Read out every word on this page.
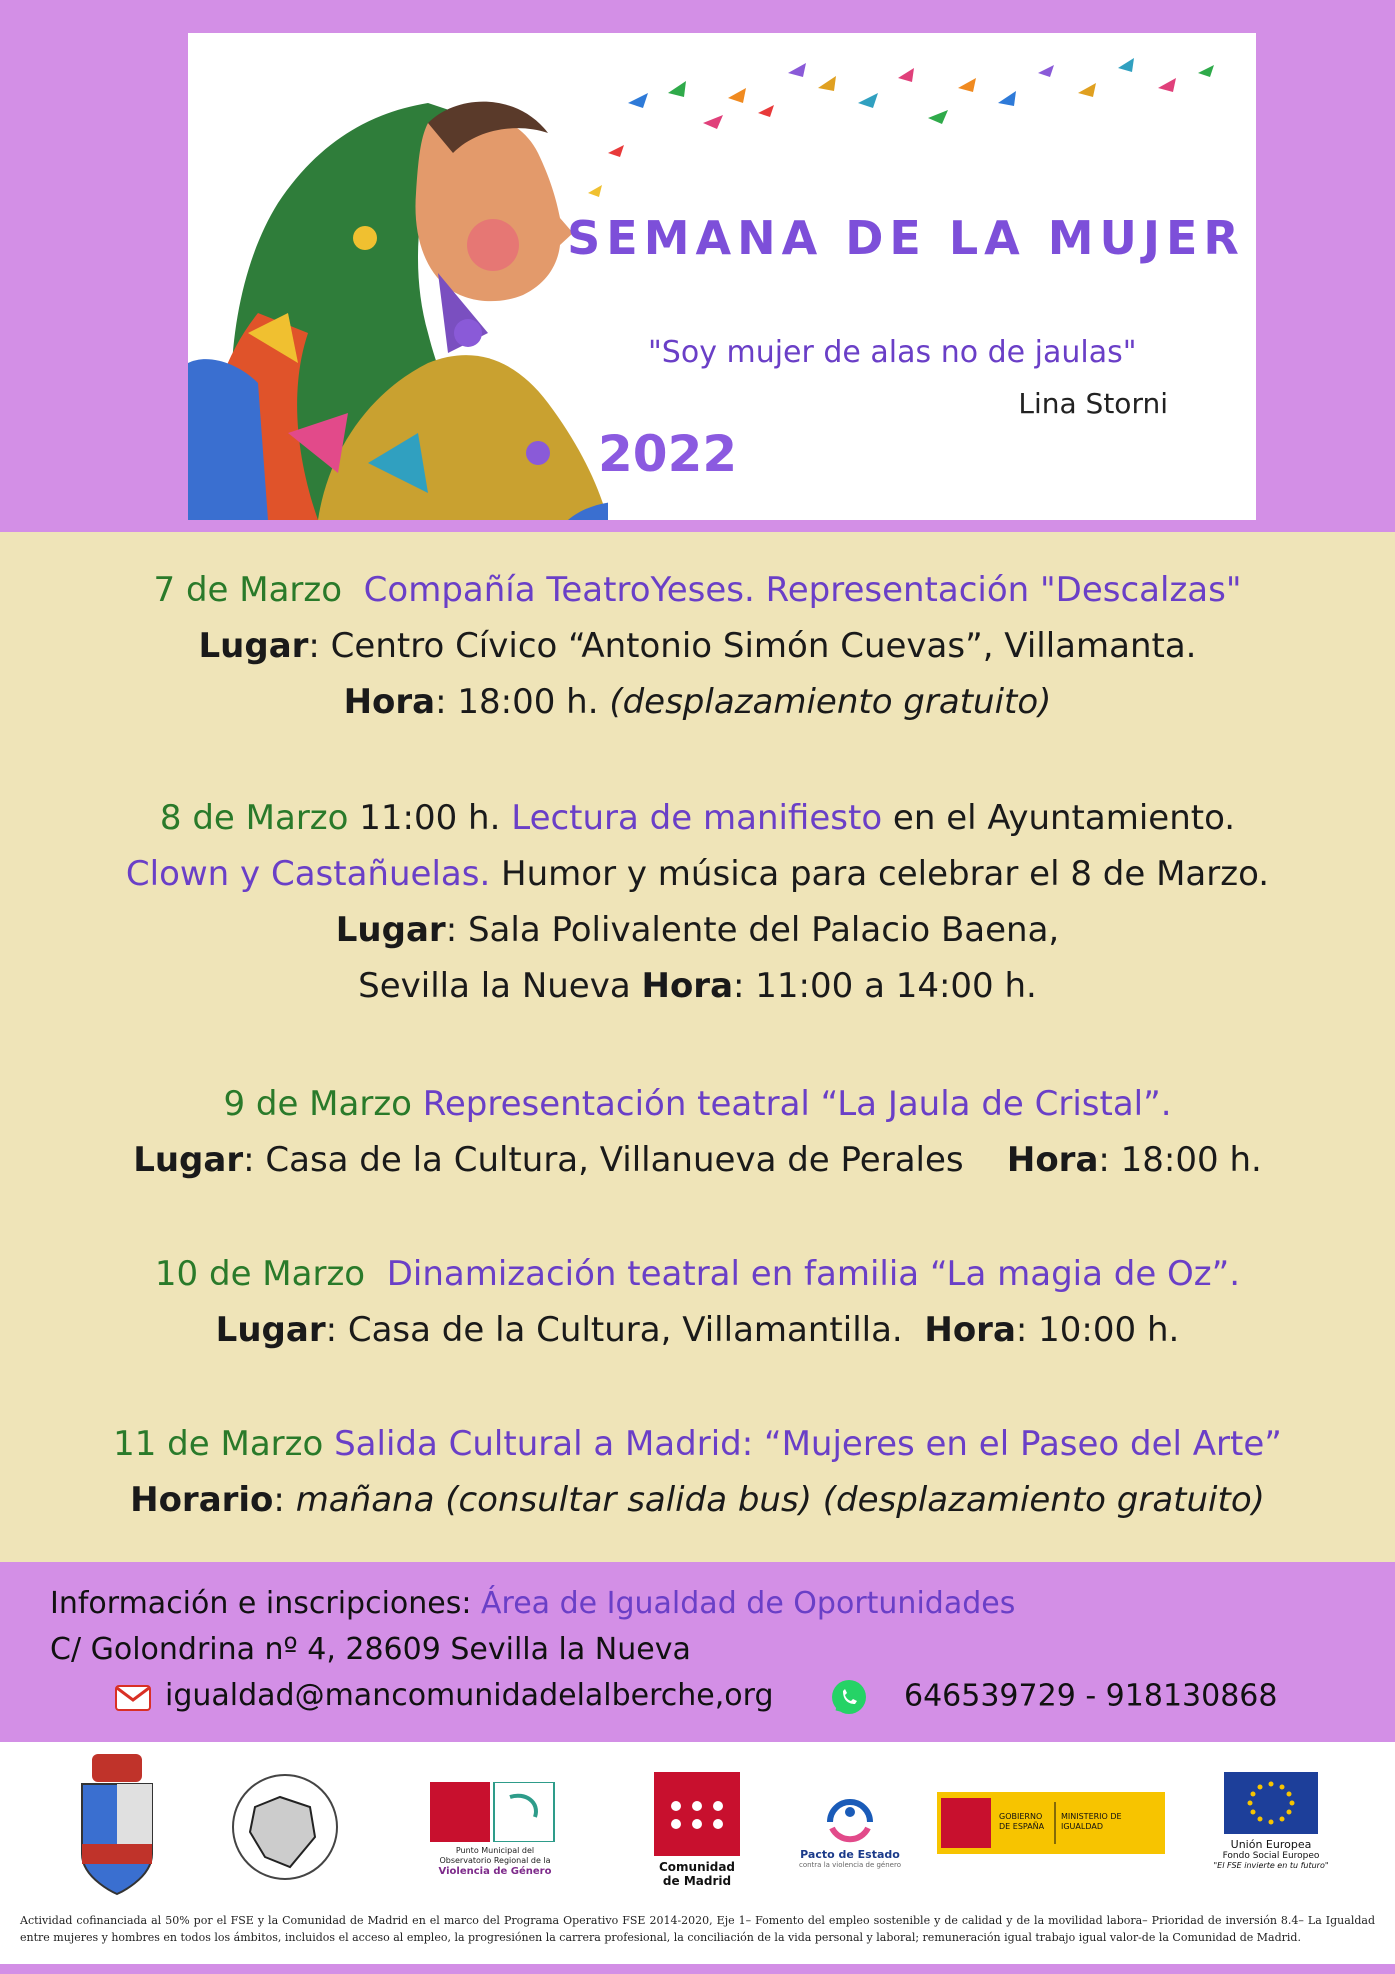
SEMANA DE LA MUJER
"Soy mujer de alas no de jaulas"
Lina Storni
2022
7 de Marzo Compañía TeatroYeses. Representación "Descalzas"
Lugar: Centro Cívico “Antonio Simón Cuevas”, Villamanta.
Hora: 18:00 h. (desplazamiento gratuito)
8 de Marzo 11:00 h. Lectura de manifiesto en el Ayuntamiento.
Clown y Castañuelas. Humor y música para celebrar el 8 de Marzo.
Lugar: Sala Polivalente del Palacio Baena,
Sevilla la Nueva Hora: 11:00 a 14:00 h.
9 de Marzo Representación teatral “La Jaula de Cristal”.
Lugar: Casa de la Cultura, Villanueva de Perales Hora: 18:00 h.
10 de Marzo Dinamización teatral en familia “La magia de Oz”.
Lugar: Casa de la Cultura, Villamantilla. Hora: 10:00 h.
11 de Marzo Salida Cultural a Madrid: “Mujeres en el Paseo del Arte”
Horario: mañana (consultar salida bus) (desplazamiento gratuito)
Información e inscripciones: Área de Igualdad de Oportunidades
C/ Golondrina nº 4, 28609 Sevilla la Nueva
igualdad@mancomunidadelalberche,org	646539729 - 918130868
Punto Municipal del Observatorio Regional de la
Violencia de Género	Comunidad
de Madrid
Pacto de Estado
contra la violencia de género
GOBIERNO DE ESPAÑA
MINISTERIO DE IGUALDAD
Unión Europea
Fondo Social Europeo
"El FSE invierte en tu futuro"
Actividad cofinanciada al 50% por el FSE y la Comunidad de Madrid en el marco del Programa Operativo FSE 2014-2020, Eje 1– Fomento del empleo sostenible y de calidad y de la movilidad labora– Prioridad de inversión 8.4– La Igualdad entre mujeres y hombres en todos los ámbitos, incluidos el acceso al empleo, la progresiónen la carrera profesional, la conciliación de la vida personal y laboral; remuneración igual trabajo igual valor-de la Comunidad de Madrid.
